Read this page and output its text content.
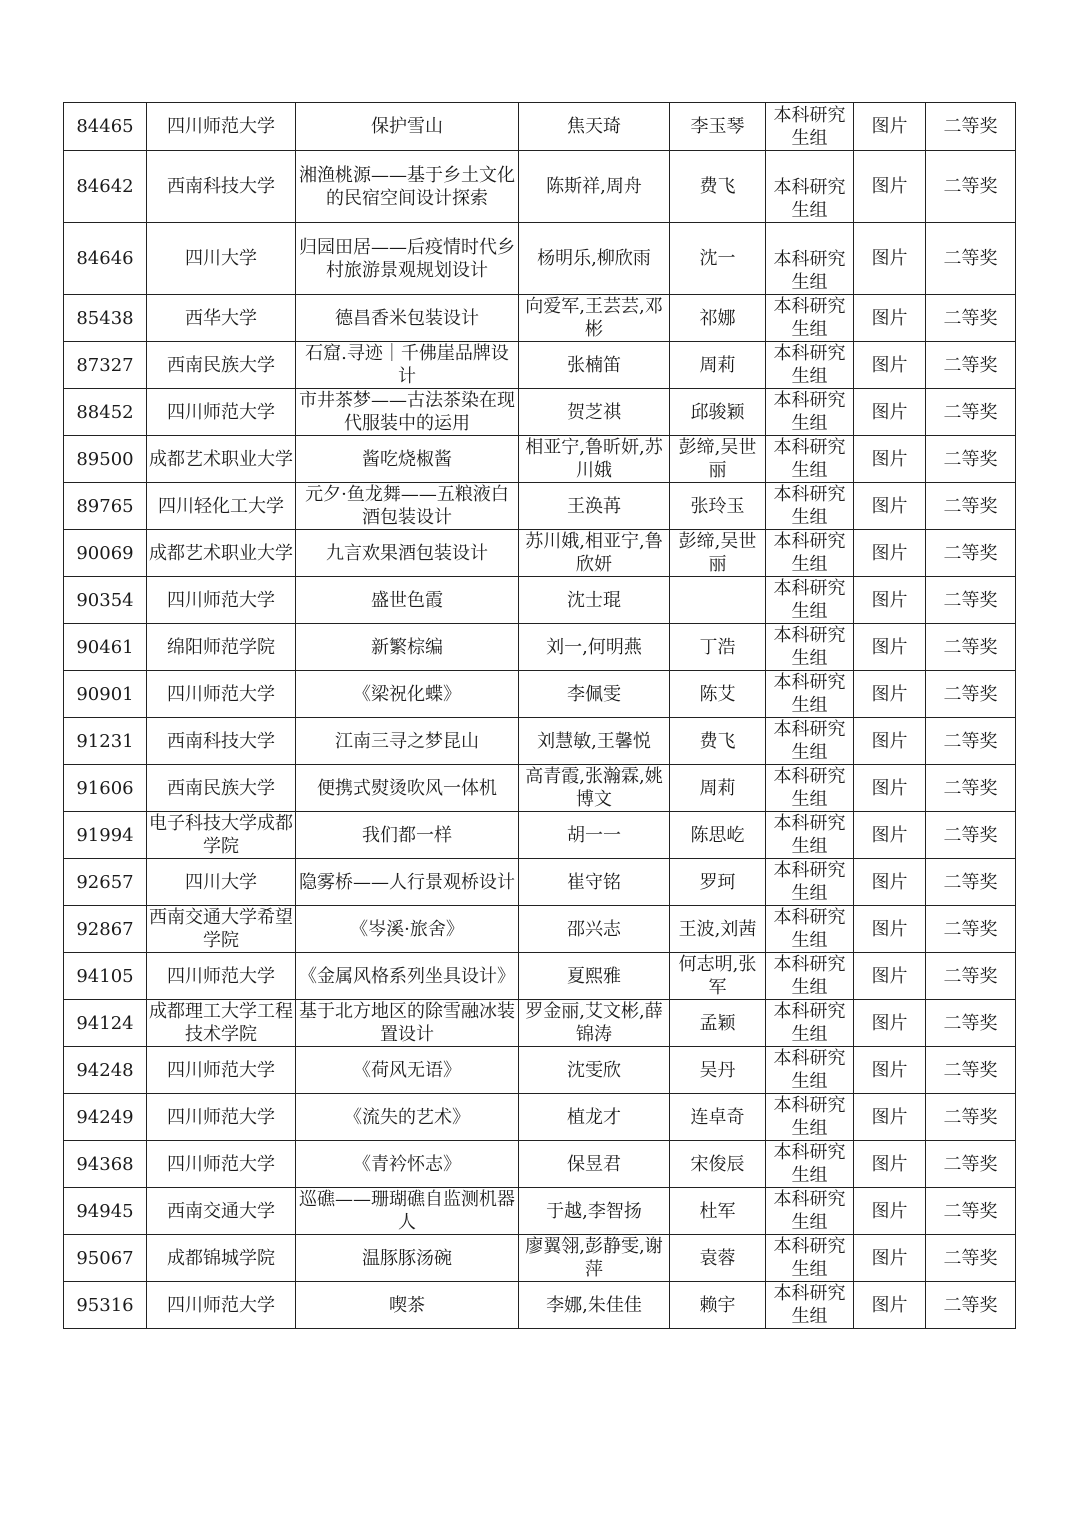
84465	四川师范大学	保护雪山	焦天琦	李玉琴	本科研究生组	图片	二等奖
84642	西南科技大学	湘渔桃源——基于乡土文化的民宿空间设计探索	陈斯祥,周舟	费飞	本科研究生组	图片	二等奖
84646	四川大学	归园田居——后疫情时代乡村旅游景观规划设计	杨明乐,柳欣雨	沈一	本科研究生组	图片	二等奖
85438	西华大学	德昌香米包装设计	向爱军,王芸芸,邓彬	祁娜	本科研究生组	图片	二等奖
87327	西南民族大学	石窟.寻迹｜千佛崖品牌设计	张楠笛	周莉	本科研究生组	图片	二等奖
88452	四川师范大学	市井茶梦——古法茶染在现代服装中的运用	贺芝祺	邱骏颖	本科研究生组	图片	二等奖
89500	成都艺术职业大学	酱吃烧椒酱	相亚宁,鲁昕妍,苏川娥	彭缔,吴世丽	本科研究生组	图片	二等奖
89765	四川轻化工大学	元夕·鱼龙舞——五粮液白酒包装设计	王涣苒	张玲玉	本科研究生组	图片	二等奖
90069	成都艺术职业大学	九言欢果酒包装设计	苏川娥,相亚宁,鲁欣妍	彭缔,吴世丽	本科研究生组	图片	二等奖
90354	四川师范大学	盛世色霞	沈士琨		本科研究生组	图片	二等奖
90461	绵阳师范学院	新繁棕编	刘一,何明燕	丁浩	本科研究生组	图片	二等奖
90901	四川师范大学	《梁祝化蝶》	李佩雯	陈艾	本科研究生组	图片	二等奖
91231	西南科技大学	江南三寻之梦昆山	刘慧敏,王馨悦	费飞	本科研究生组	图片	二等奖
91606	西南民族大学	便携式熨烫吹风一体机	高青霞,张瀚霖,姚博文	周莉	本科研究生组	图片	二等奖
91994	电子科技大学成都学院	我们都一样	胡一一	陈思屹	本科研究生组	图片	二等奖
92657	四川大学	隐雾桥——人行景观桥设计	崔守铭	罗珂	本科研究生组	图片	二等奖
92867	西南交通大学希望学院	《岑溪·旅舍》	邵兴志	王波,刘茜	本科研究生组	图片	二等奖
94105	四川师范大学	《金属风格系列坐具设计》	夏熙雅	何志明,张军	本科研究生组	图片	二等奖
94124	成都理工大学工程技术学院	基于北方地区的除雪融冰装置设计	罗金丽,艾文彬,薛锦涛	孟颖	本科研究生组	图片	二等奖
94248	四川师范大学	《荷风无语》	沈雯欣	吴丹	本科研究生组	图片	二等奖
94249	四川师范大学	《流失的艺术》	植龙才	连卓奇	本科研究生组	图片	二等奖
94368	四川师范大学	《青衿怀志》	保昱君	宋俊辰	本科研究生组	图片	二等奖
94945	西南交通大学	巡礁——珊瑚礁自监测机器人	于越,李智扬	杜军	本科研究生组	图片	二等奖
95067	成都锦城学院	温豚豚汤碗	廖翼翎,彭静雯,谢萍	袁蓉	本科研究生组	图片	二等奖
95316	四川师范大学	喫茶	李娜,朱佳佳	赖宇	本科研究生组	图片	二等奖
